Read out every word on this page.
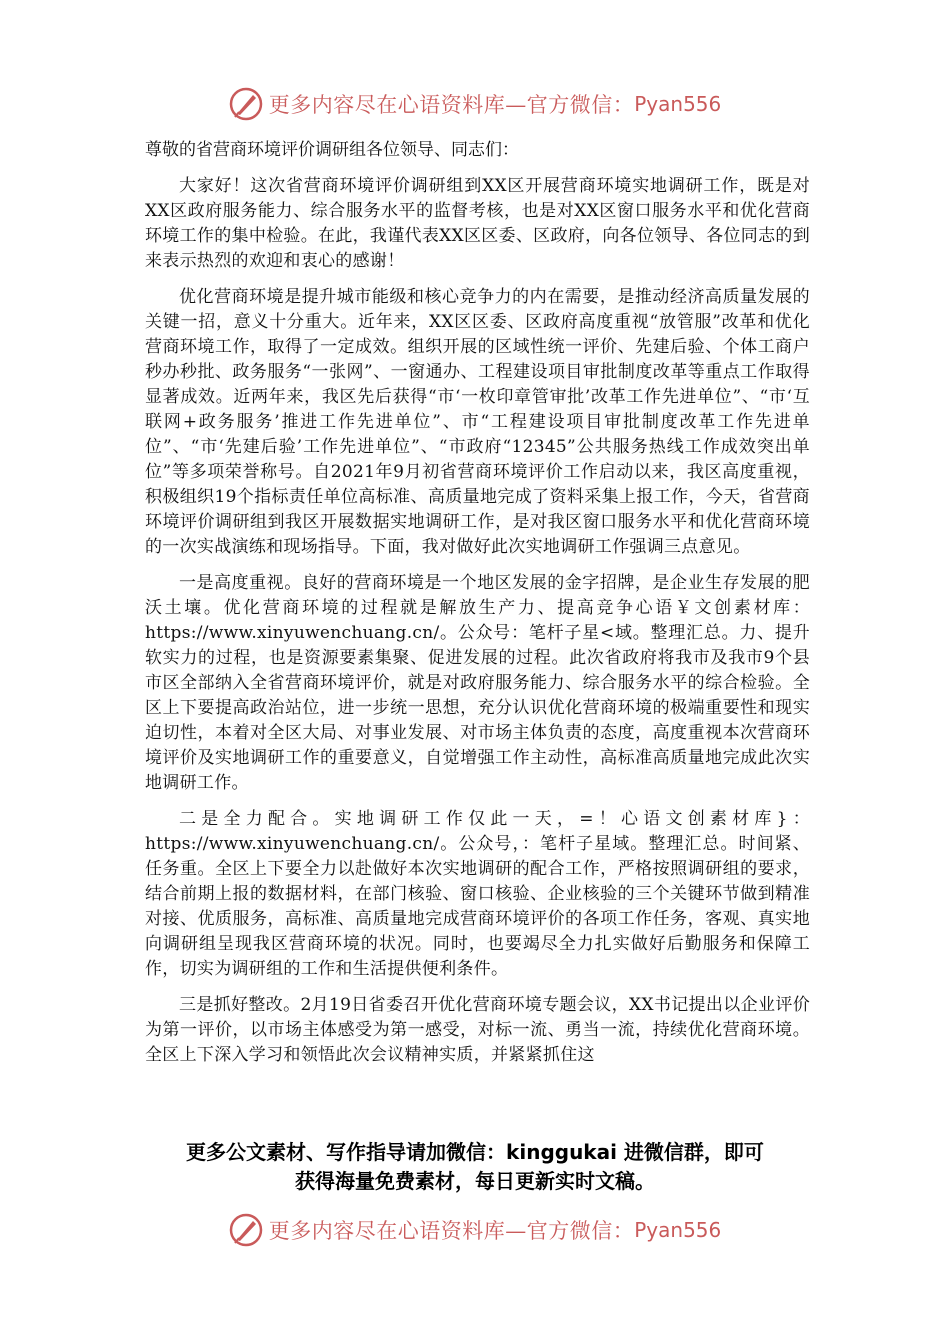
更多内容尽在心语资料库—官方微信： Pyan556

尊敬的省营商环境评价调研组各位领导、同志们：

大家好！这次省营商环境评价调研组到XX区开展营商环境实地调研工作，既是对XX区政府服务能力、综合服务水平的监督考核，也是对XX区窗口服务水平和优化营商环境工作的集中检验。在此，我谨代表XX区区委、区政府，向各位领导、各位同志的到来表示热烈的欢迎和衷心的感谢！

优化营商环境是提升城市能级和核心竞争力的内在需要，是推动经济高质量发展的关键一招，意义十分重大。近年来，XX区区委、区政府高度重视“放管服”改革和优化营商环境工作，取得了一定成效。组织开展的区域性统一评价、先建后验、个体工商户秒办秒批、政务服务“一张网”、一窗通办、工程建设项目审批制度改革等重点工作取得显著成效。近两年来，我区先后获得“市‘一枚印章管审批’改革工作先进单位”、“市‘互联网+政务服务’推进工作先进单位”、市“工程建设项目审批制度改革工作先进单位”、“市‘先建后验’工作先进单位”、“市政府“12345”公共服务热线工作成效突出单位”等多项荣誉称号。自2021年9月初省营商环境评价工作启动以来，我区高度重视，积极组织19个指标责任单位高标准、高质量地完成了资料采集上报工作，今天，省营商环境评价调研组到我区开展数据实地调研工作，是对我区窗口服务水平和优化营商环境的一次实战演练和现场指导。下面，我对做好此次实地调研工作强调三点意见。

一是高度重视。良好的营商环境是一个地区发展的金字招牌，是企业生存发展的肥沃土壤。优化营商环境的过程就是解放生产力、提高竞争心语￥文创素材库：https://www.xinyuwenchuang.cn/。公众号：笔杆子星<域。整理汇总。力、提升软实力的过程，也是资源要素集聚、促进发展的过程。此次省政府将我市及我市9个县市区全部纳入全省营商环境评价，就是对政府服务能力、综合服务水平的综合检验。全区上下要提高政治站位，进一步统一思想，充分认识优化营商环境的极端重要性和现实迫切性，本着对全区大局、对事业发展、对市场主体负责的态度，高度重视本次营商环境评价及实地调研工作的重要意义，自觉增强工作主动性，高标准高质量地完成此次实地调研工作。

二是全力配合。实地调研工作仅此一天，=！心语文创素材库}：https://www.xinyuwenchuang.cn/。公众号，：笔杆子星域。整理汇总。时间紧、任务重。全区上下要全力以赴做好本次实地调研的配合工作，严格按照调研组的要求，结合前期上报的数据材料，在部门核验、窗口核验、企业核验的三个关键环节做到精准对接、优质服务，高标准、高质量地完成营商环境评价的各项工作任务，客观、真实地向调研组呈现我区营商环境的状况。同时，也要竭尽全力扎实做好后勤服务和保障工作，切实为调研组的工作和生活提供便利条件。

三是抓好整改。2月19日省委召开优化营商环境专题会议，XX书记提出以企业评价为第一评价，以市场主体感受为第一感受，对标一流、勇当一流，持续优化营商环境。全区上下深入学习和领悟此次会议精神实质，并紧紧抓住这

更多公文素材、写作指导请加微信：kinggukai 进微信群，即可
获得海量免费素材，每日更新实时文稿。
更多内容尽在心语资料库—官方微信： Pyan556
